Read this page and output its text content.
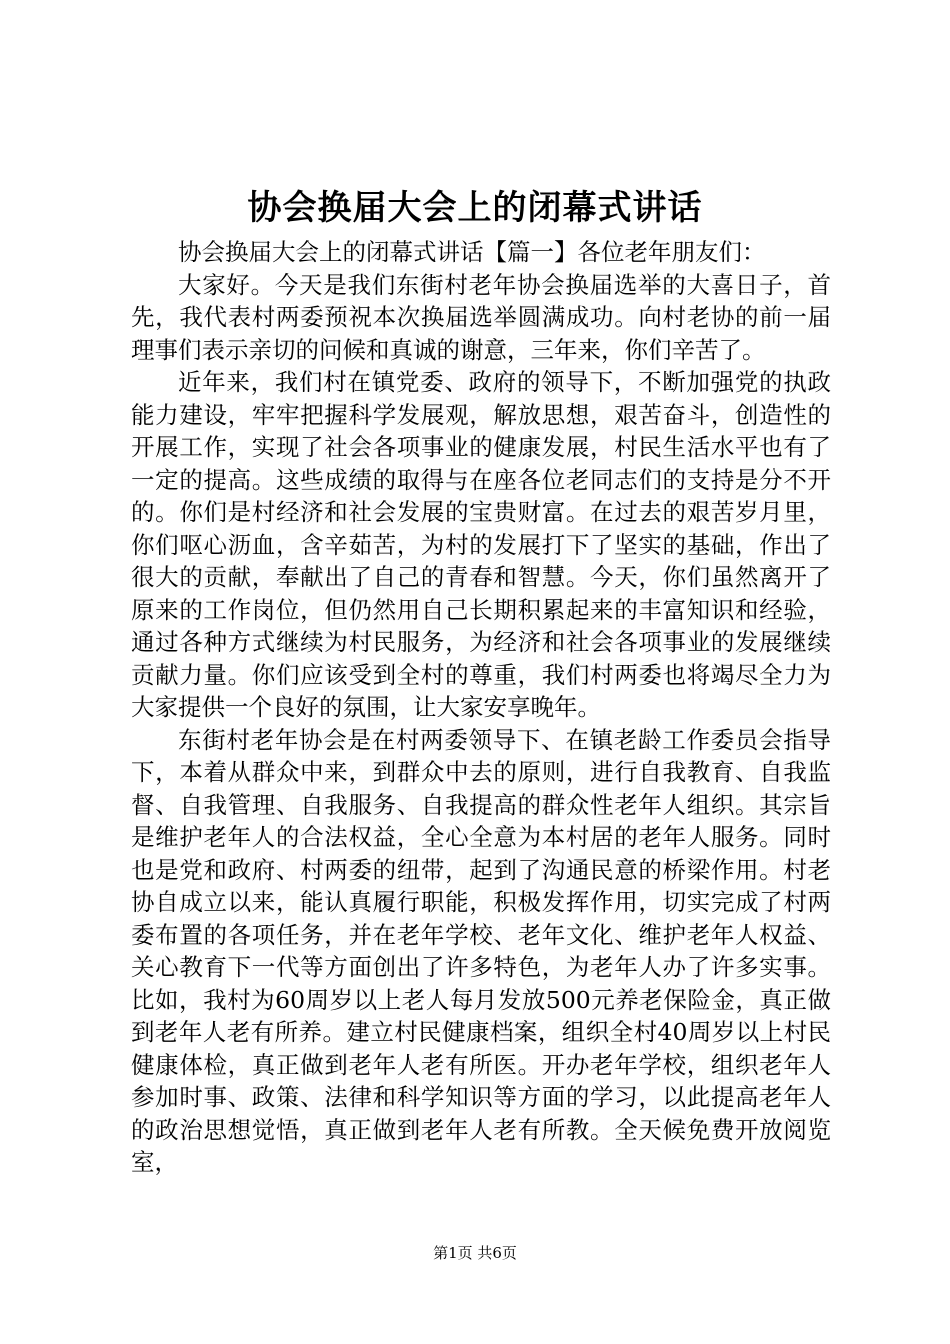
协会换届大会上的闭幕式讲话

协会换届大会上的闭幕式讲话【篇一】各位老年朋友们：

大家好。今天是我们东街村老年协会换届选举的大喜日子，首先，我代表村两委预祝本次换届选举圆满成功。向村老协的前一届理事们表示亲切的问候和真诚的谢意，三年来，你们辛苦了。

近年来，我们村在镇党委、政府的领导下，不断加强党的执政能力建设，牢牢把握科学发展观，解放思想，艰苦奋斗，创造性的开展工作，实现了社会各项事业的健康发展，村民生活水平也有了一定的提高。这些成绩的取得与在座各位老同志们的支持是分不开的。你们是村经济和社会发展的宝贵财富。在过去的艰苦岁月里，你们呕心沥血，含辛茹苦，为村的发展打下了坚实的基础，作出了很大的贡献，奉献出了自己的青春和智慧。今天，你们虽然离开了原来的工作岗位，但仍然用自己长期积累起来的丰富知识和经验，通过各种方式继续为村民服务，为经济和社会各项事业的发展继续贡献力量。你们应该受到全村的尊重，我们村两委也将竭尽全力为大家提供一个良好的氛围，让大家安享晚年。

东街村老年协会是在村两委领导下、在镇老龄工作委员会指导下，本着从群众中来，到群众中去的原则，进行自我教育、自我监督、自我管理、自我服务、自我提高的群众性老年人组织。其宗旨是维护老年人的合法权益，全心全意为本村居的老年人服务。同时也是党和政府、村两委的纽带，起到了沟通民意的桥梁作用。村老协自成立以来，能认真履行职能，积极发挥作用，切实完成了村两委布置的各项任务，并在老年学校、老年文化、维护老年人权益、关心教育下一代等方面创出了许多特色，为老年人办了许多实事。比如，我村为60周岁以上老人每月发放500元养老保险金，真正做到老年人老有所养。建立村民健康档案，组织全村40周岁以上村民健康体检，真正做到老年人老有所医。开办老年学校，组织老年人参加时事、政策、法律和科学知识等方面的学习，以此提高老年人的政治思想觉悟，真正做到老年人老有所教。全天候免费开放阅览室，

第1页 共6页
